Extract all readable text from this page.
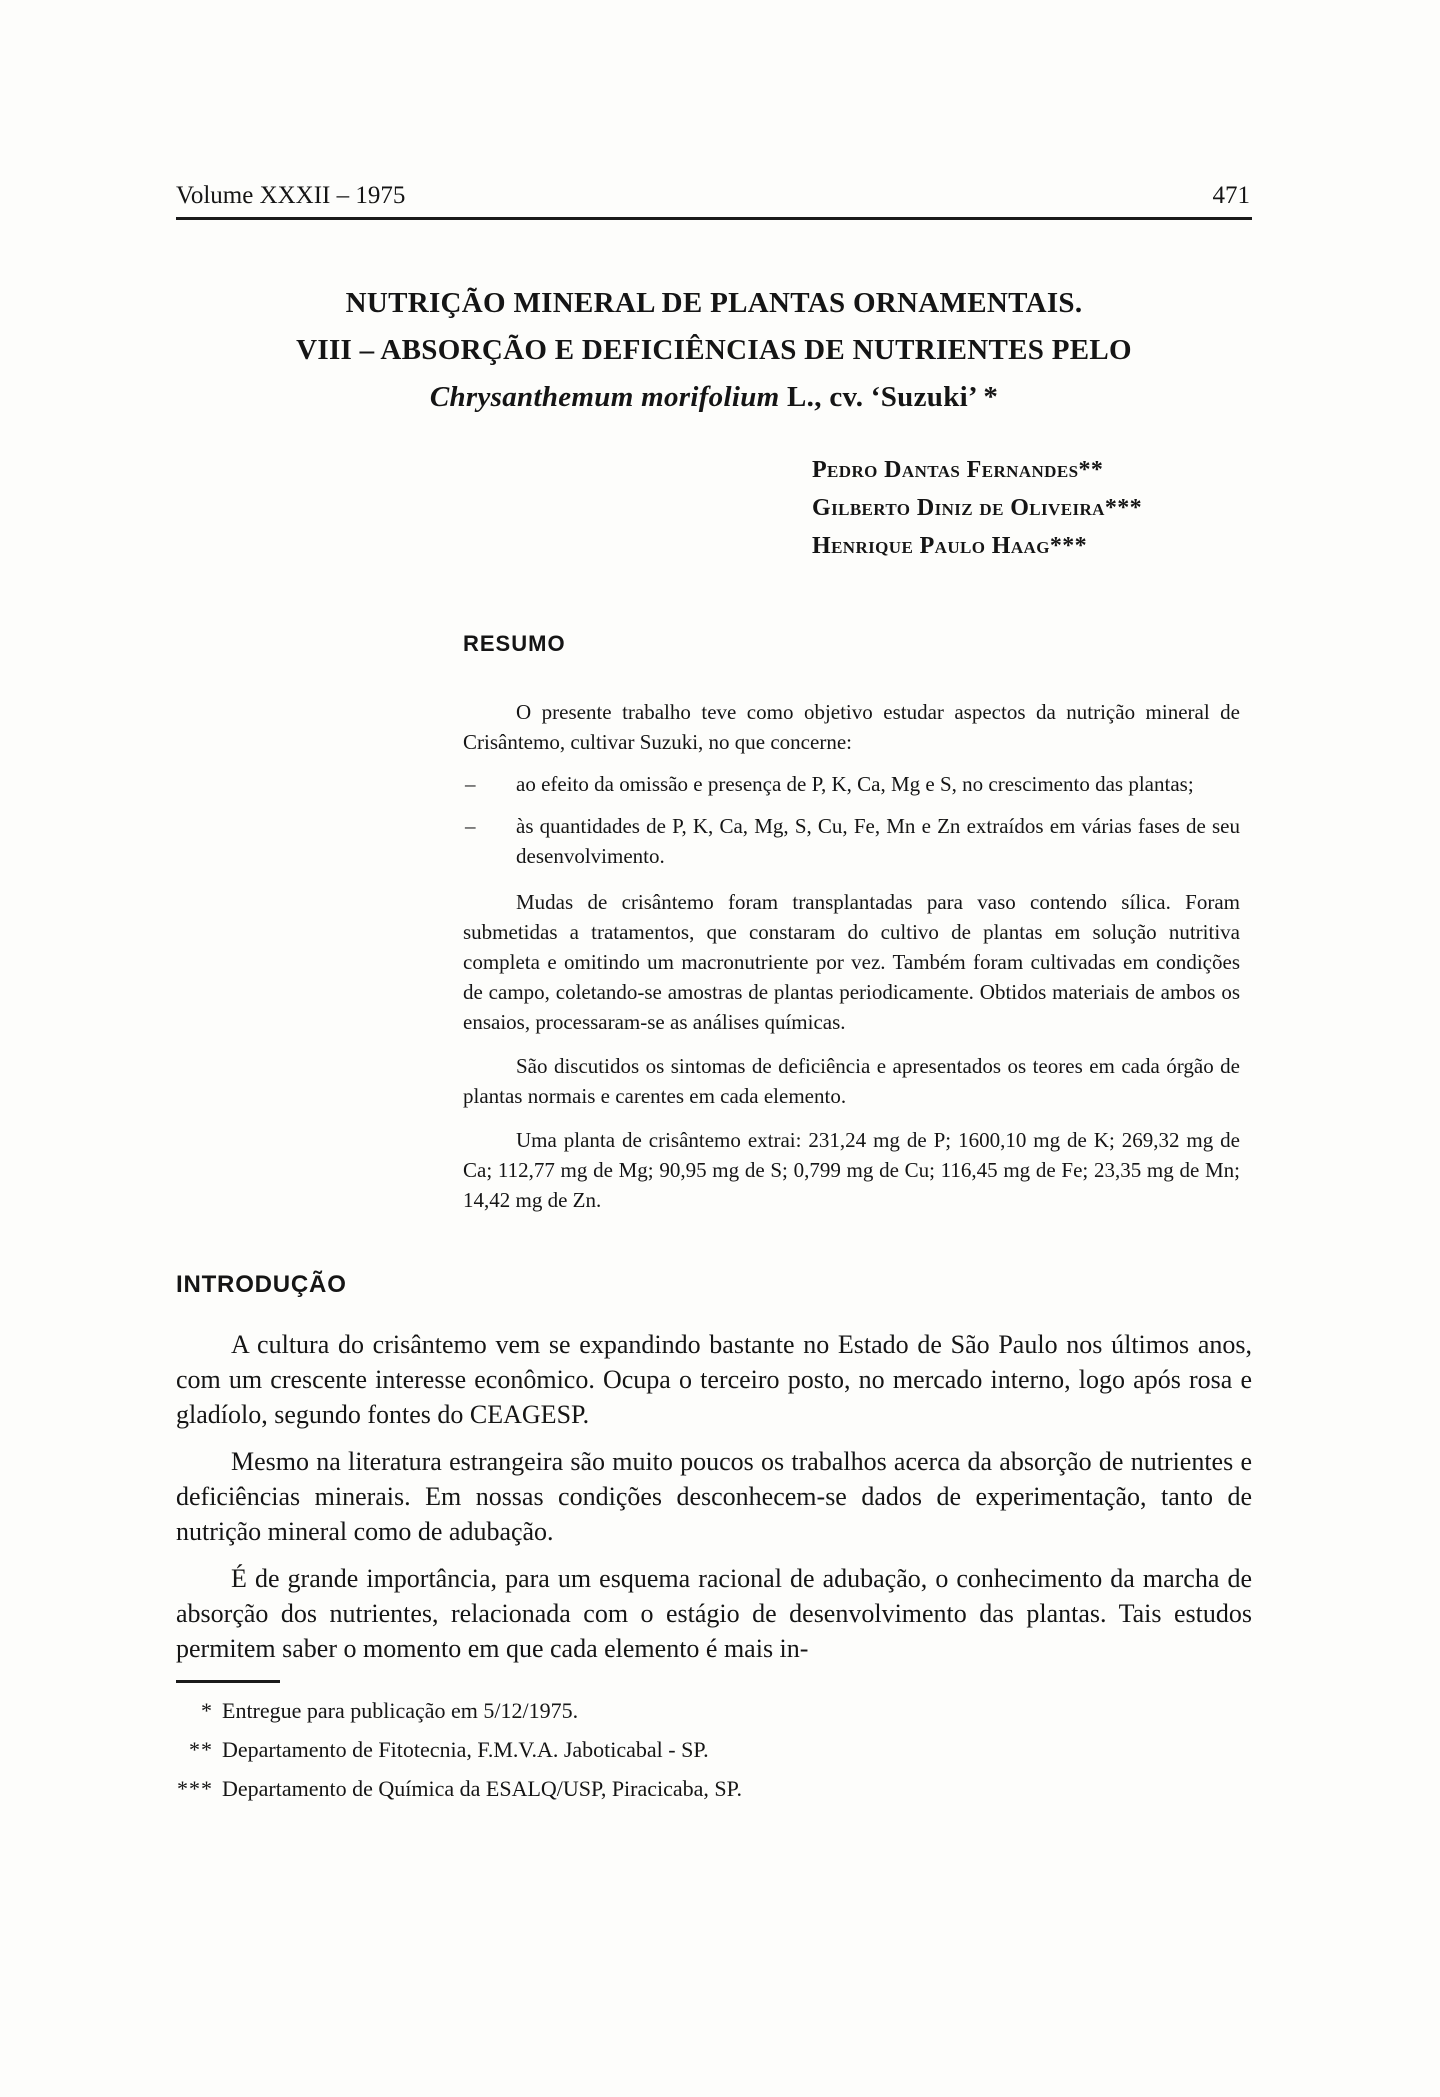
Volume XXXII – 1975	471
NUTRIÇÃO MINERAL DE PLANTAS ORNAMENTAIS.
VIII – ABSORÇÃO E DEFICIÊNCIAS DE NUTRIENTES PELO
Chrysanthemum morifolium L., cv. ‘Suzuki’ *
Pedro Dantas Fernandes**
Gilberto Diniz de Oliveira***
Henrique Paulo Haag***
RESUMO

O presente trabalho teve como objetivo estudar aspectos da nutrição mineral de Crisântemo, cultivar Suzuki, no que concerne:

– ao efeito da omissão e presença de P, K, Ca, Mg e S, no crescimento das plantas;
– às quantidades de P, K, Ca, Mg, S, Cu, Fe, Mn e Zn extraídos em várias fases de seu desenvolvimento.

Mudas de crisântemo foram transplantadas para vaso contendo sílica. Foram submetidas a tratamentos, que constaram do cultivo de plantas em solução nutritiva completa e omitindo um macronutriente por vez. Também foram cultivadas em condições de campo, coletando-se amostras de plantas periodicamente. Obtidos materiais de ambos os ensaios, processaram-se as análises químicas.

São discutidos os sintomas de deficiência e apresentados os teores em cada órgão de plantas normais e carentes em cada elemento.

Uma planta de crisântemo extrai: 231,24 mg de P; 1600,10 mg de K; 269,32 mg de Ca; 112,77 mg de Mg; 90,95 mg de S; 0,799 mg de Cu; 116,45 mg de Fe; 23,35 mg de Mn; 14,42 mg de Zn.

INTRODUÇÃO

A cultura do crisântemo vem se expandindo bastante no Estado de São Paulo nos últimos anos, com um crescente interesse econômico. Ocupa o terceiro posto, no mercado interno, logo após rosa e gladíolo, segundo fontes do CEAGESP.

Mesmo na literatura estrangeira são muito poucos os trabalhos acerca da absorção de nutrientes e deficiências minerais. Em nossas condições desconhecem-se dados de experimentação, tanto de nutrição mineral como de adubação.

É de grande importância, para um esquema racional de adubação, o conhecimento da marcha de absorção dos nutrientes, relacionada com o estágio de desenvolvimento das plantas. Tais estudos permitem saber o momento em que cada elemento é mais in-

* Entregue para publicação em 5/12/1975.
** Departamento de Fitotecnia, F.M.V.A. Jaboticabal - SP.
*** Departamento de Química da ESALQ/USP, Piracicaba, SP.
